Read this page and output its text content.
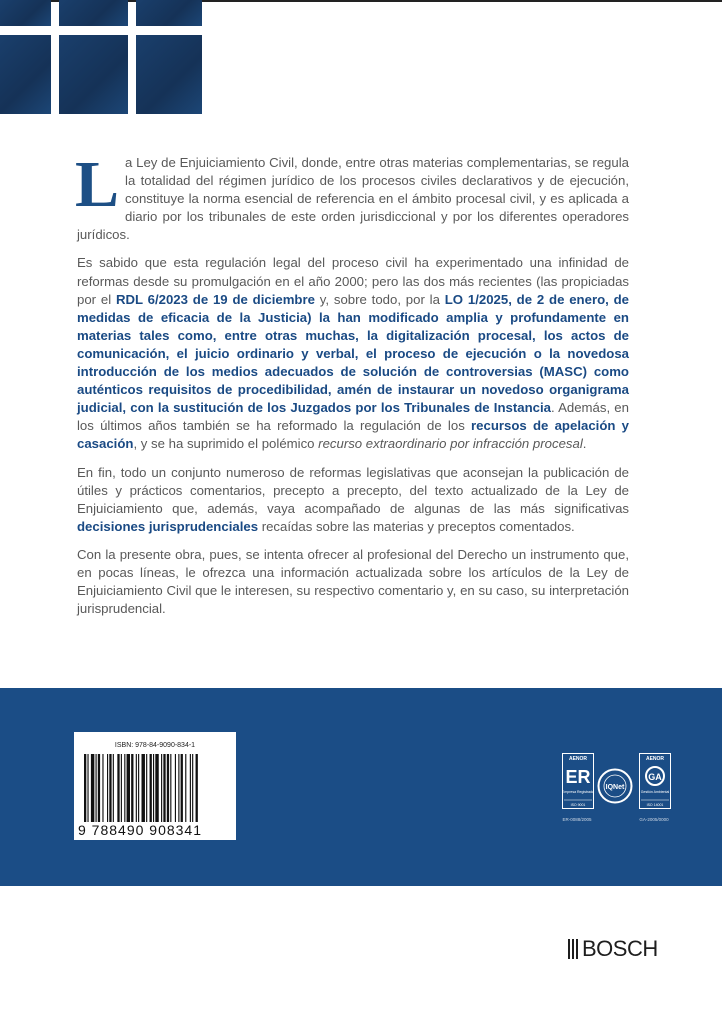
La Ley de Enjuiciamiento Civil, donde, entre otras materias complementarias, se regula la totalidad del régimen jurídico de los procesos civiles declarativos y de ejecución, constituye la norma esencial de referencia en el ámbito procesal civil, y es aplicada a diario por los tribunales de este orden jurisdiccional y por los diferentes operadores jurídicos.

Es sabido que esta regulación legal del proceso civil ha experimentado una infinidad de reformas desde su promulgación en el año 2000; pero las dos más recientes (las propiciadas por el RDL 6/2023 de 19 de diciembre y, sobre todo, por la LO 1/2025, de 2 de enero, de medidas de eficacia de la Justicia) la han modificado amplia y profundamente en materias tales como, entre otras muchas, la digitalización procesal, los actos de comunicación, el juicio ordinario y verbal, el proceso de ejecución o la novedosa introducción de los medios adecuados de solución de controversias (MASC) como auténticos requisitos de procedibilidad, amén de instaurar un novedoso organigrama judicial, con la sustitución de los Juzgados por los Tribunales de Instancia. Además, en los últimos años también se ha reformado la regulación de los recursos de apelación y casación, y se ha suprimido el polémico recurso extraordinario por infracción procesal.

En fin, todo un conjunto numeroso de reformas legislativas que aconsejan la publicación de útiles y prácticos comentarios, precepto a precepto, del texto actualizado de la Ley de Enjuiciamiento que, además, vaya acompañado de algunas de las más significativas decisiones jurisprudenciales recaídas sobre las materias y preceptos comentados.

Con la presente obra, pues, se intenta ofrecer al profesional del Derecho un instrumento que, en pocas líneas, le ofrezca una información actualizada sobre los artículos de la Ley de Enjuiciamiento Civil que le interesen, su respectivo comentario y, en su caso, su interpretación jurisprudencial.

ISBN: 978-84-9090-834-1
9 788490 908341
AENOR
ER
Empresa Registrada
ISO 9001
ER-0088/2005
IQNet
AENOR
GA
Gestión Ambiental
ISO 14001
GA-2005/0000
BOSCH
